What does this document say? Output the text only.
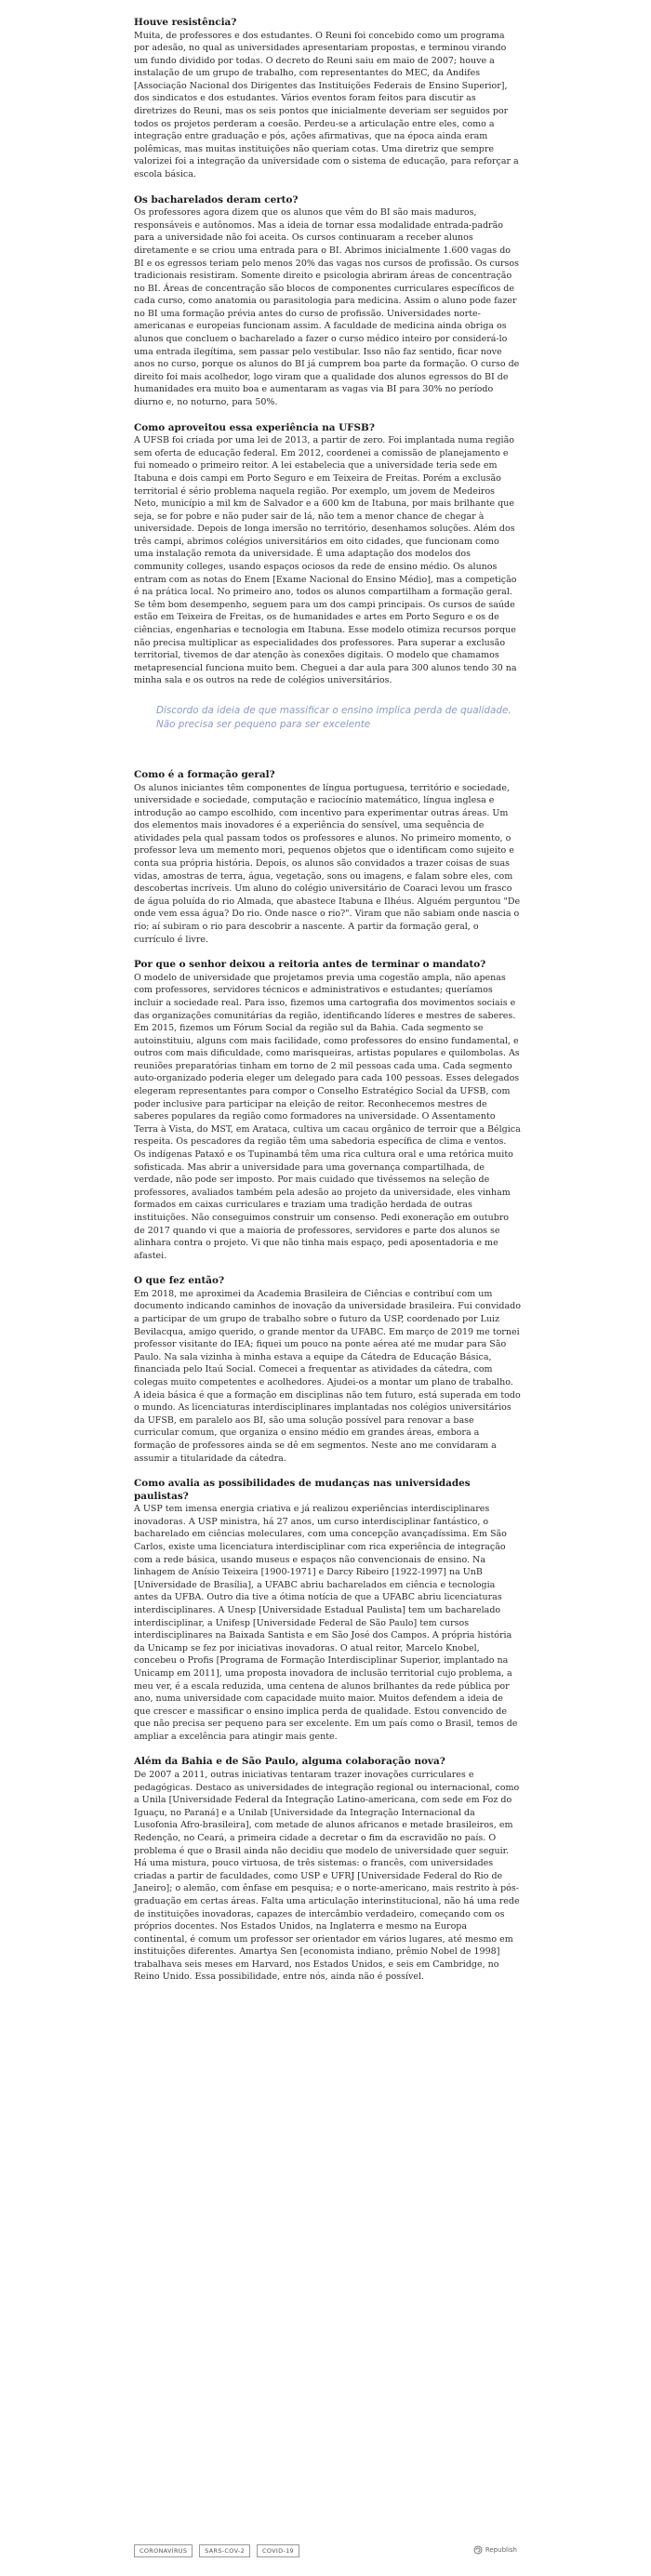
Houve resistência?

Muita, de professores e dos estudantes. O Reuni foi concebido como um programa por adesão, no qual as universidades apresentariam propostas, e terminou virando um fundo dividido por todas. O decreto do Reuni saiu em maio de 2007; houve a instalação de um grupo de trabalho, com representantes do MEC, da Andifes [Associação Nacional dos Dirigentes das Instituições Federais de Ensino Superior], dos sindicatos e dos estudantes. Vários eventos foram feitos para discutir as diretrizes do Reuni, mas os seis pontos que inicialmente deveriam ser seguidos por todos os projetos perderam a coesão. Perdeu-se a articulação entre eles, como a integração entre graduação e pós, ações afirmativas, que na época ainda eram polêmicas, mas muitas instituições não queriam cotas. Uma diretriz que sempre valorizei foi a integração da universidade com o sistema de educação, para reforçar a escola básica.

Os bacharelados deram certo?

Os professores agora dizem que os alunos que vêm do BI são mais maduros, responsáveis e autônomos. Mas a ideia de tornar essa modalidade entrada-padrão para a universidade não foi aceita. Os cursos continuaram a receber alunos diretamente e se criou uma entrada para o BI. Abrimos inicialmente 1.600 vagas do BI e os egressos teriam pelo menos 20% das vagas nos cursos de profissão. Os cursos tradicionais resistiram. Somente direito e psicologia abriram áreas de concentração no BI. Áreas de concentração são blocos de componentes curriculares específicos de cada curso, como anatomia ou parasitologia para medicina. Assim o aluno pode fazer no BI uma formação prévia antes do curso de profissão. Universidades norte-americanas e europeias funcionam assim. A faculdade de medicina ainda obriga os alunos que concluem o bacharelado a fazer o curso médico inteiro por considerá-lo uma entrada ilegítima, sem passar pelo vestibular. Isso não faz sentido, ficar nove anos no curso, porque os alunos do BI já cumprem boa parte da formação. O curso de direito foi mais acolhedor, logo viram que a qualidade dos alunos egressos do BI de humanidades era muito boa e aumentaram as vagas via BI para 30% no período diurno e, no noturno, para 50%.

Como aproveitou essa experiência na UFSB?

A UFSB foi criada por uma lei de 2013, a partir de zero. Foi implantada numa região sem oferta de educação federal. Em 2012, coordenei a comissão de planejamento e fui nomeado o primeiro reitor. A lei estabelecia que a universidade teria sede em Itabuna e dois campi em Porto Seguro e em Teixeira de Freitas. Porém a exclusão territorial é sério problema naquela região. Por exemplo, um jovem de Medeiros Neto, município a mil km de Salvador e a 600 km de Itabuna, por mais brilhante que seja, se for pobre e não puder sair de lá, não tem a menor chance de chegar à universidade. Depois de longa imersão no território, desenhamos soluções. Além dos três campi, abrimos colégios universitários em oito cidades, que funcionam como uma instalação remota da universidade. É uma adaptação dos modelos dos community colleges, usando espaços ociosos da rede de ensino médio. Os alunos entram com as notas do Enem [Exame Nacional do Ensino Médio], mas a competição é na prática local. No primeiro ano, todos os alunos compartilham a formação geral. Se têm bom desempenho, seguem para um dos campi principais. Os cursos de saúde estão em Teixeira de Freitas, os de humanidades e artes em Porto Seguro e os de ciências, engenharias e tecnologia em Itabuna. Esse modelo otimiza recursos porque não precisa multiplicar as especialidades dos professores. Para superar a exclusão territorial, tivemos de dar atenção às conexões digitais. O modelo que chamamos metapresencial funciona muito bem. Cheguei a dar aula para 300 alunos tendo 30 na minha sala e os outros na rede de colégios universitários.

Discordo da ideia de que massificar o ensino implica perda de qualidade. Não precisa ser pequeno para ser excelente
Como é a formação geral?

Os alunos iniciantes têm componentes de língua portuguesa, território e sociedade, universidade e sociedade, computação e raciocínio matemático, língua inglesa e introdução ao campo escolhido, com incentivo para experimentar outras áreas. Um dos elementos mais inovadores é a experiência do sensível, uma sequência de atividades pela qual passam todos os professores e alunos. No primeiro momento, o professor leva um memento mori, pequenos objetos que o identificam como sujeito e conta sua própria história. Depois, os alunos são convidados a trazer coisas de suas vidas, amostras de terra, água, vegetação, sons ou imagens, e falam sobre eles, com descobertas incríveis. Um aluno do colégio universitário de Coaraci levou um frasco de água poluída do rio Almada, que abastece Itabuna e Ilhéus. Alguém perguntou "De onde vem essa água? Do rio. Onde nasce o rio?". Viram que não sabiam onde nascia o rio; aí subiram o rio para descobrir a nascente. A partir da formação geral, o currículo é livre.

Por que o senhor deixou a reitoria antes de terminar o mandato?

O modelo de universidade que projetamos previa uma cogestão ampla, não apenas com professores, servidores técnicos e administrativos e estudantes; queríamos incluir a sociedade real. Para isso, fizemos uma cartografia dos movimentos sociais e das organizações comunitárias da região, identificando líderes e mestres de saberes. Em 2015, fizemos um Fórum Social da região sul da Bahia. Cada segmento se autoinstituiu, alguns com mais facilidade, como professores do ensino fundamental, e outros com mais dificuldade, como marisqueiras, artistas populares e quilombolas. As reuniões preparatórias tinham em torno de 2 mil pessoas cada uma. Cada segmento auto-organizado poderia eleger um delegado para cada 100 pessoas. Esses delegados elegeram representantes para compor o Conselho Estratégico Social da UFSB, com poder inclusive para participar na eleição de reitor. Reconhecemos mestres de saberes populares da região como formadores na universidade. O Assentamento Terra à Vista, do MST, em Arataca, cultiva um cacau orgânico de terroir que a Bélgica respeita. Os pescadores da região têm uma sabedoria específica de clima e ventos. Os indígenas Pataxó e os Tupinambá têm uma rica cultura oral e uma retórica muito sofisticada. Mas abrir a universidade para uma governança compartilhada, de verdade, não pode ser imposto. Por mais cuidado que tivéssemos na seleção de professores, avaliados também pela adesão ao projeto da universidade, eles vinham formados em caixas curriculares e traziam uma tradição herdada de outras instituições. Não conseguimos construir um consenso. Pedi exoneração em outubro de 2017 quando vi que a maioria de professores, servidores e parte dos alunos se alinhara contra o projeto. Vi que não tinha mais espaço, pedi aposentadoria e me afastei.

O que fez então?

Em 2018, me aproximei da Academia Brasileira de Ciências e contribuí com um documento indicando caminhos de inovação da universidade brasileira. Fui convidado a participar de um grupo de trabalho sobre o futuro da USP, coordenado por Luiz Bevilacqua, amigo querido, o grande mentor da UFABC. Em março de 2019 me tornei professor visitante do IEA; fiquei um pouco na ponte aérea até me mudar para São Paulo. Na sala vizinha à minha estava a equipe da Cátedra de Educação Básica, financiada pelo Itaú Social. Comecei a frequentar as atividades da cátedra, com colegas muito competentes e acolhedores. Ajudei-os a montar um plano de trabalho. A ideia básica é que a formação em disciplinas não tem futuro, está superada em todo o mundo. As licenciaturas interdisciplinares implantadas nos colégios universitários da UFSB, em paralelo aos BI, são uma solução possível para renovar a base curricular comum, que organiza o ensino médio em grandes áreas, embora a formação de professores ainda se dê em segmentos. Neste ano me convidaram a assumir a titularidade da cátedra.

Como avalia as possibilidades de mudanças nas universidades paulistas?

A USP tem imensa energia criativa e já realizou experiências interdisciplinares inovadoras. A USP ministra, há 27 anos, um curso interdisciplinar fantástico, o bacharelado em ciências moleculares, com uma concepção avançadíssima. Em São Carlos, existe uma licenciatura interdisciplinar com rica experiência de integração com a rede básica, usando museus e espaços não convencionais de ensino. Na linhagem de Anísio Teixeira [1900-1971] e Darcy Ribeiro [1922-1997] na UnB [Universidade de Brasília], a UFABC abriu bacharelados em ciência e tecnologia antes da UFBA. Outro dia tive a ótima notícia de que a UFABC abriu licenciaturas interdisciplinares. A Unesp [Universidade Estadual Paulista] tem um bacharelado interdisciplinar, a Unifesp [Universidade Federal de São Paulo] tem cursos interdisciplinares na Baixada Santista e em São José dos Campos. A própria história da Unicamp se fez por iniciativas inovadoras. O atual reitor, Marcelo Knobel, concebeu o Profis [Programa de Formação Interdisciplinar Superior, implantado na Unicamp em 2011], uma proposta inovadora de inclusão territorial cujo problema, a meu ver, é a escala reduzida, uma centena de alunos brilhantes da rede pública por ano, numa universidade com capacidade muito maior. Muitos defendem a ideia de que crescer e massificar o ensino implica perda de qualidade. Estou convencido de que não precisa ser pequeno para ser excelente. Em um país como o Brasil, temos de ampliar a excelência para atingir mais gente.

Além da Bahia e de São Paulo, alguma colaboração nova?

De 2007 a 2011, outras iniciativas tentaram trazer inovações curriculares e pedagógicas. Destaco as universidades de integração regional ou internacional, como a Unila [Universidade Federal da Integração Latino-americana, com sede em Foz do Iguaçu, no Paraná] e a Unilab [Universidade da Integração Internacional da Lusofonia Afro-brasileira], com metade de alunos africanos e metade brasileiros, em Redenção, no Ceará, a primeira cidade a decretar o fim da escravidão no país. O problema é que o Brasil ainda não decidiu que modelo de universidade quer seguir. Há uma mistura, pouco virtuosa, de três sistemas: o francês, com universidades criadas a partir de faculdades, como USP e UFRJ [Universidade Federal do Rio de Janeiro]; o alemão, com ênfase em pesquisa; e o norte-americano, mais restrito à pós-graduação em certas áreas. Falta uma articulação interinstitucional, não há uma rede de instituições inovadoras, capazes de intercâmbio verdadeiro, começando com os próprios docentes. Nos Estados Unidos, na Inglaterra e mesmo na Europa continental, é comum um professor ser orientador em vários lugares, até mesmo em instituições diferentes. Amartya Sen [economista indiano, prêmio Nobel de 1998] trabalhava seis meses em Harvard, nos Estados Unidos, e seis em Cambridge, no Reino Unido. Essa possibilidade, entre nós, ainda não é possível.

CORONAVÍRUS	SARS-COV-2	COVID-19	Republish
